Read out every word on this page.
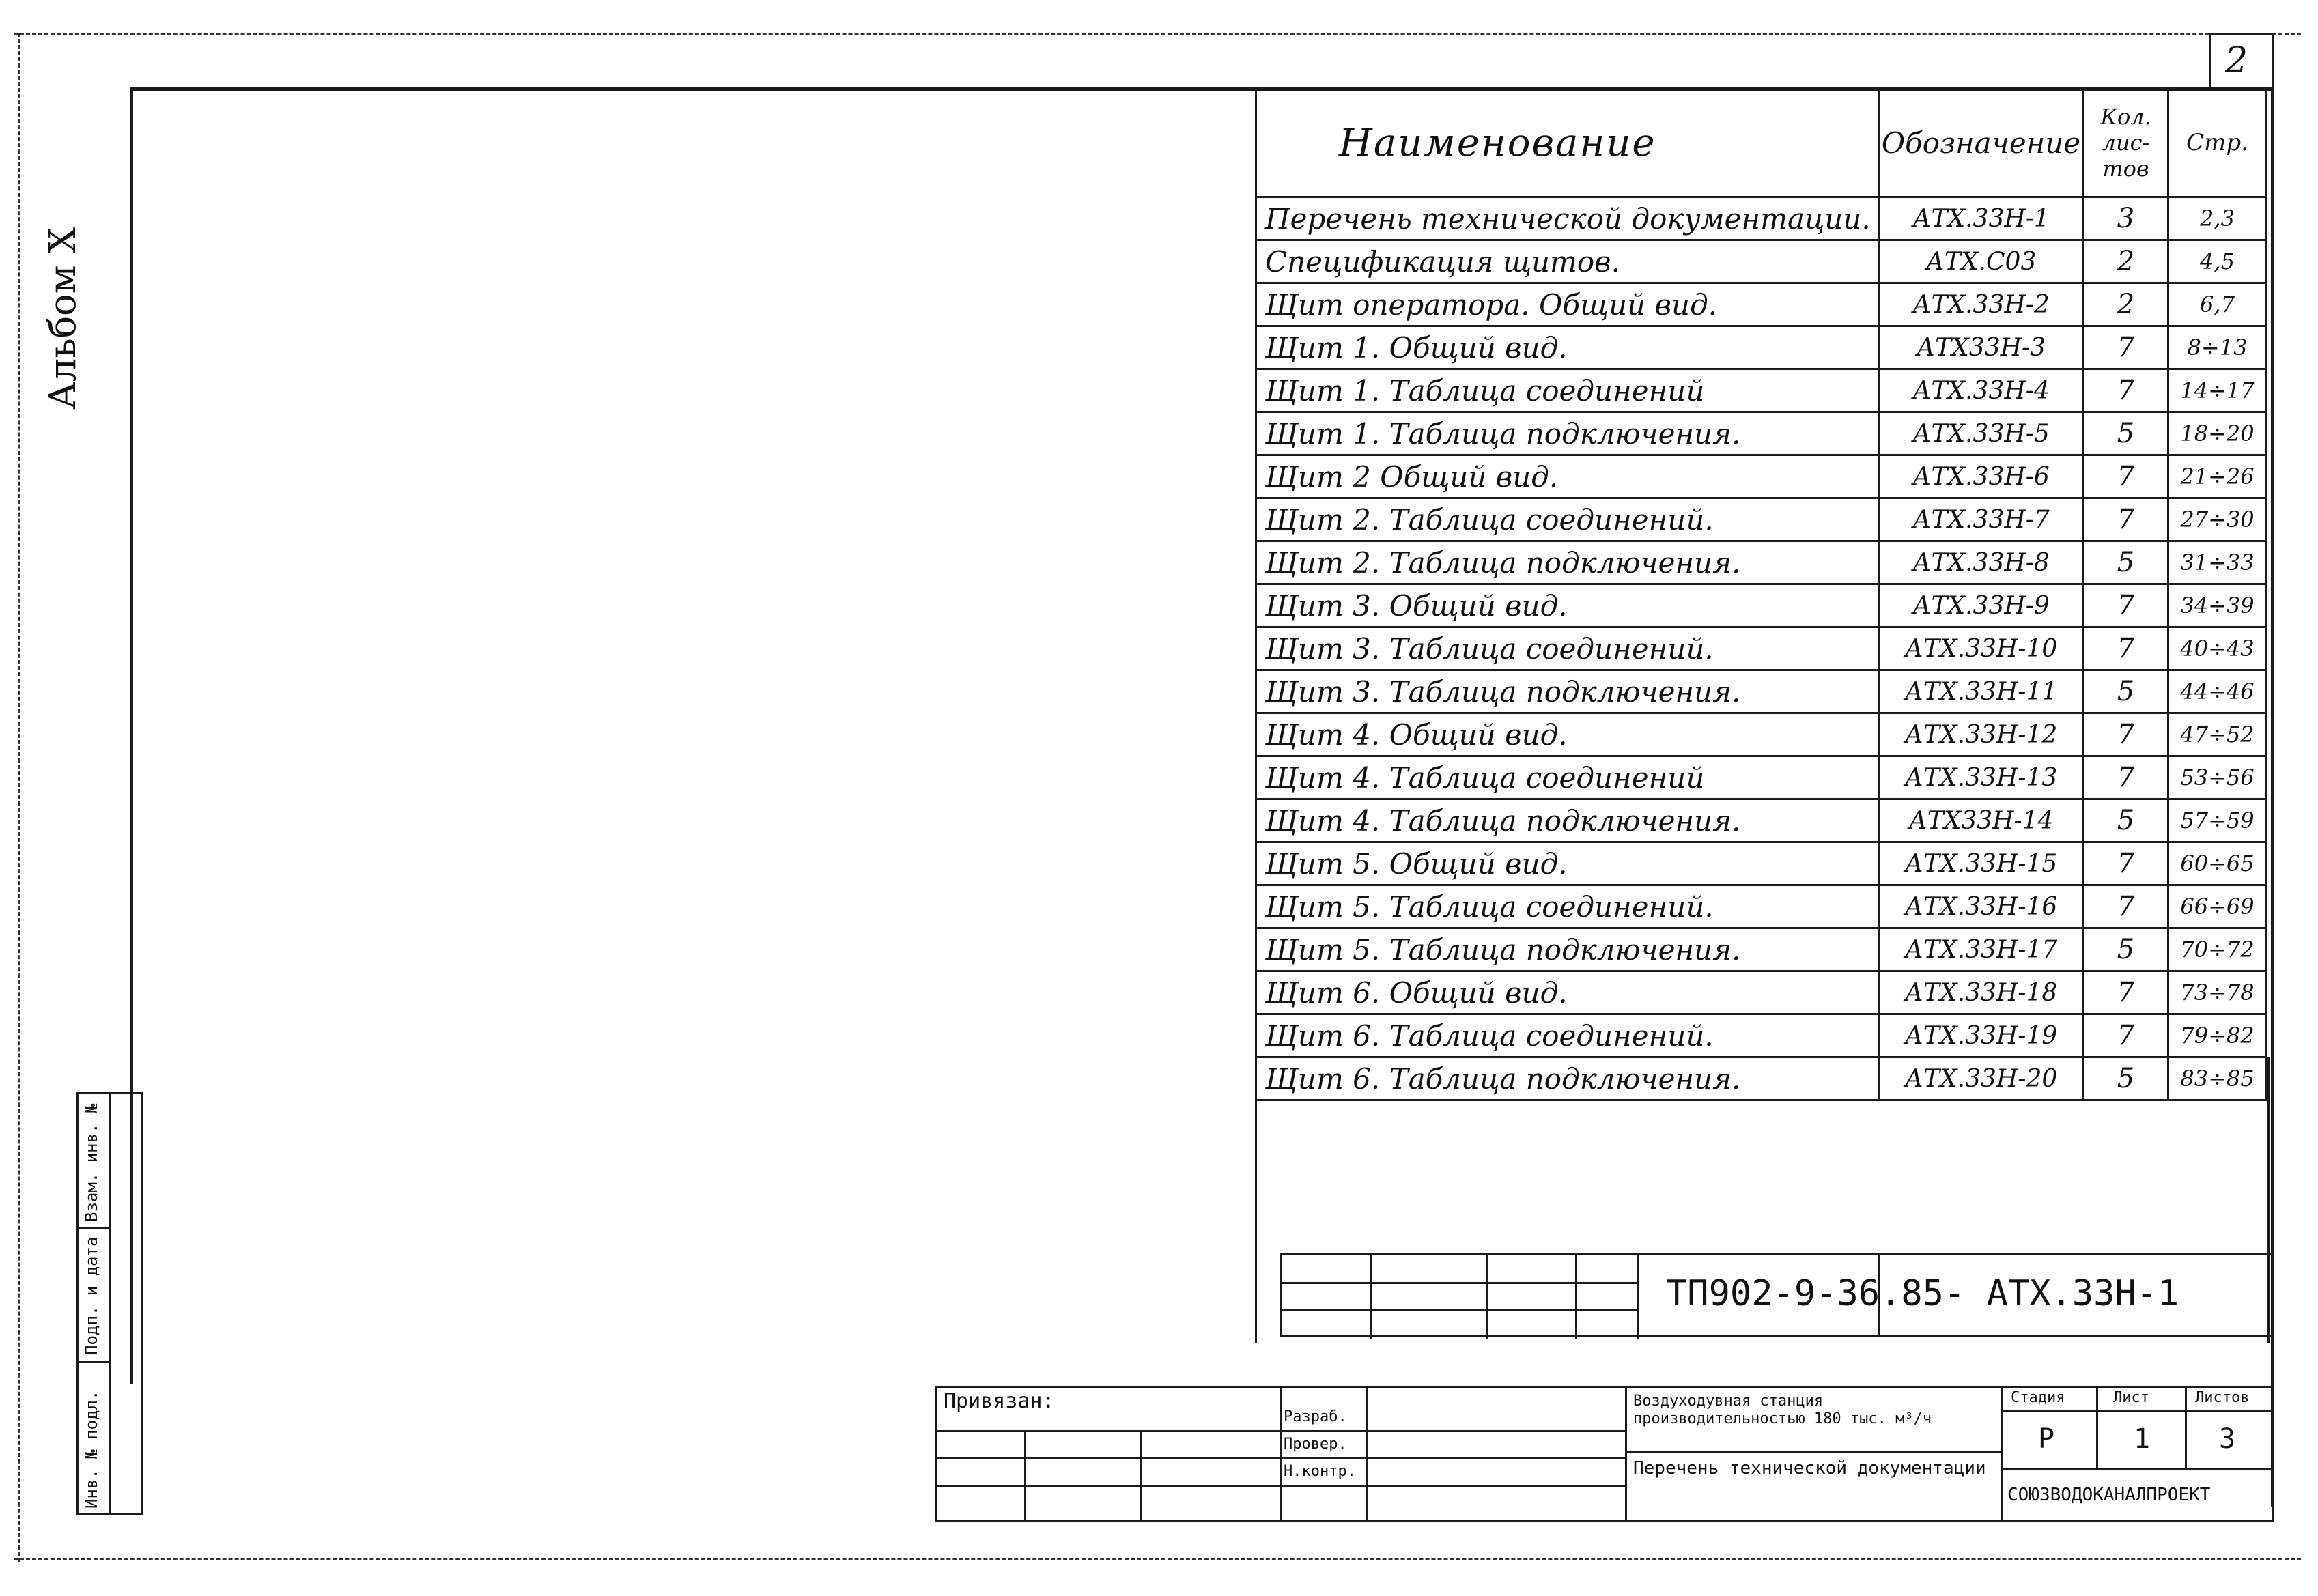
2
Альбом X
Взам. инв. №
Подп. и дата
Инв. № подл.
Наименование	Обозначение	Кол. лис- тов	Стр.
Перечень технической документации.	АТХ.33Н-1	3	2,3
Спецификация щитов.	АТХ.С03	2	4,5
Щит оператора. Общий вид.	АТХ.33Н-2	2	6,7
Щит 1. Общий вид.	АТХ33Н-3	7	8÷13
Щит 1. Таблица соединений	АТХ.33Н-4	7	14÷17
Щит 1. Таблица подключения.	АТХ.33Н-5	5	18÷20
Щит 2 Общий вид.	АТХ.33Н-6	7	21÷26
Щит 2. Таблица соединений.	АТХ.33Н-7	7	27÷30
Щит 2. Таблица подключения.	АТХ.33Н-8	5	31÷33
Щит 3. Общий вид.	АТХ.33Н-9	7	34÷39
Щит 3. Таблица соединений.	АТХ.33Н-10	7	40÷43
Щит 3. Таблица подключения.	АТХ.33Н-11	5	44÷46
Щит 4. Общий вид.	АТХ.33Н-12	7	47÷52
Щит 4. Таблица соединений	АТХ.33Н-13	7	53÷56
Щит 4. Таблица подключения.	АТХ33Н-14	5	57÷59
Щит 5. Общий вид.	АТХ.33Н-15	7	60÷65
Щит 5. Таблица соединений.	АТХ.33Н-16	7	66÷69
Щит 5. Таблица подключения.	АТХ.33Н-17	5	70÷72
Щит 6. Общий вид.	АТХ.33Н-18	7	73÷78
Щит 6. Таблица соединений.	АТХ.33Н-19	7	79÷82
Щит 6. Таблица подключения.	АТХ.33Н-20	5	83÷85
ТП902-9-36.85- АТХ.33Н-1
Привязан:
Разраб.
Провер.
Н.контр.
Воздуходувная станция производительностью 180 тыс. м³/ч
Перечень технической документации
Стадия	Лист	Листов
Р	1	3
СОЮЗВОДОКАНАЛПРОЕКТ
